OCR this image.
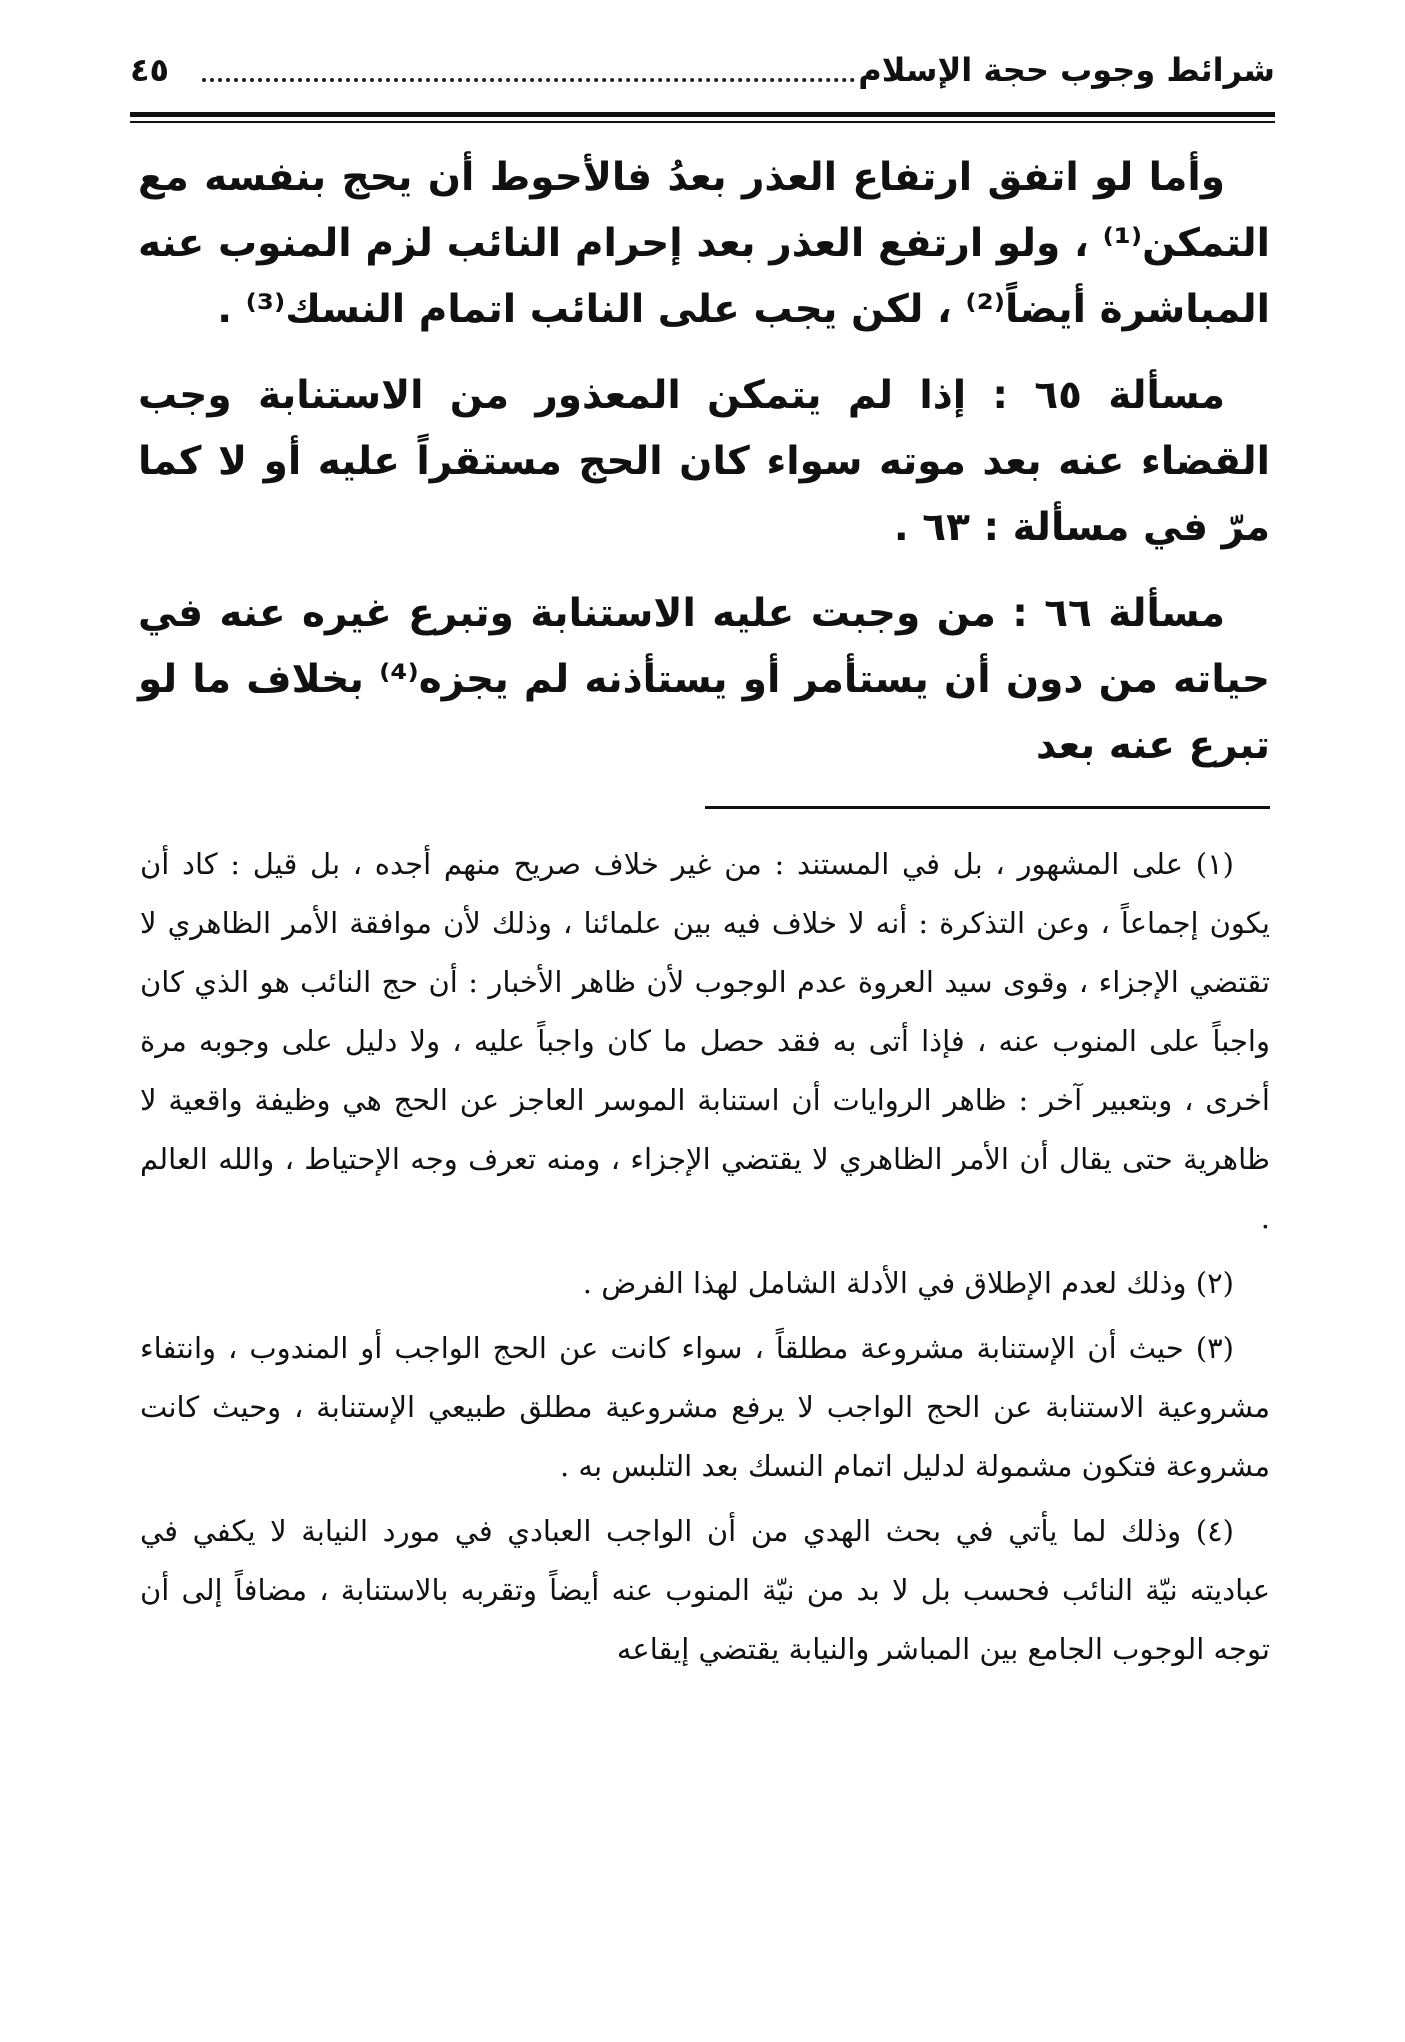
شرائط وجوب حجة الإسلام
٤٥

وأما لو اتفق ارتفاع العذر بعدُ فالأحوط أن يحج بنفسه مع التمكن⁽¹⁾ ، ولو ارتفع العذر بعد إحرام النائب لزم المنوب عنه المباشرة أيضاً⁽²⁾ ، لكن يجب على النائب اتمام النسك⁽³⁾ .

مسألة ٦٥ : إذا لم يتمكن المعذور من الاستنابة وجب القضاء عنه بعد موته سواء كان الحج مستقراً عليه أو لا كما مرّ في مسألة : ٦٣ .

مسألة ٦٦ : من وجبت عليه الاستنابة وتبرع غيره عنه في حياته من دون أن يستأمر أو يستأذنه لم يجزه⁽⁴⁾ بخلاف ما لو تبرع عنه بعد

(١) على المشهور ، بل في المستند : من غير خلاف صريح منهم أجده ، بل قيل : كاد أن يكون إجماعاً ، وعن التذكرة : أنه لا خلاف فيه بين علمائنا ، وذلك لأن موافقة الأمر الظاهري لا تقتضي الإجزاء ، وقوى سيد العروة عدم الوجوب لأن ظاهر الأخبار : أن حج النائب هو الذي كان واجباً على المنوب عنه ، فإذا أتى به فقد حصل ما كان واجباً عليه ، ولا دليل على وجوبه مرة أخرى ، وبتعبير آخر : ظاهر الروايات أن استنابة الموسر العاجز عن الحج هي وظيفة واقعية لا ظاهرية حتى يقال أن الأمر الظاهري لا يقتضي الإجزاء ، ومنه تعرف وجه الإحتياط ، والله العالم .

(٢) وذلك لعدم الإطلاق في الأدلة الشامل لهذا الفرض .

(٣) حيث أن الإستنابة مشروعة مطلقاً ، سواء كانت عن الحج الواجب أو المندوب ، وانتفاء مشروعية الاستنابة عن الحج الواجب لا يرفع مشروعية مطلق طبيعي الإستنابة ، وحيث كانت مشروعة فتكون مشمولة لدليل اتمام النسك بعد التلبس به .

(٤) وذلك لما يأتي في بحث الهدي من أن الواجب العبادي في مورد النيابة لا يكفي في عباديته نيّة النائب فحسب بل لا بد من نيّة المنوب عنه أيضاً وتقربه بالاستنابة ، مضافاً إلى أن توجه الوجوب الجامع بين المباشر والنيابة يقتضي إيقاعه
